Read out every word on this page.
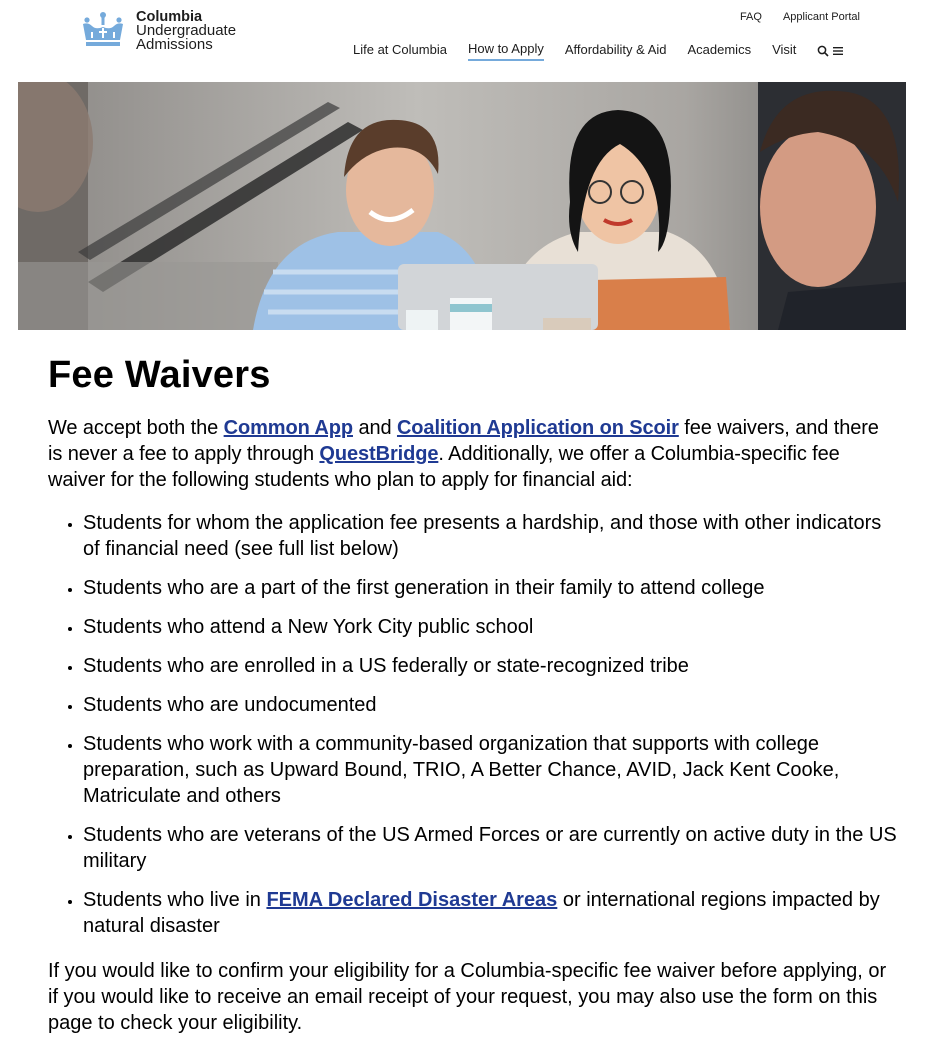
Columbia
Undergraduate
Admissions
FAQ Applicant Portal
Life at Columbia How to Apply Affordability & Aid Academics Visit
Fee Waivers

We accept both the Common App and Coalition Application on Scoir fee waivers, and there is never a fee to apply through QuestBridge. Additionally, we offer a Columbia-specific fee waiver for the following students who plan to apply for financial aid:

• Students for whom the application fee presents a hardship, and those with other indicators of financial need (see full list below)
• Students who are a part of the first generation in their family to attend college
• Students who attend a New York City public school
• Students who are enrolled in a US federally or state-recognized tribe
• Students who are undocumented
• Students who work with a community-based organization that supports with college preparation, such as Upward Bound, TRIO, A Better Chance, AVID, Jack Kent Cooke, Matriculate and others
• Students who are veterans of the US Armed Forces or are currently on active duty in the US military
• Students who live in FEMA Declared Disaster Areas or international regions impacted by natural disaster

If you would like to confirm your eligibility for a Columbia-specific fee waiver before applying, or if you would like to receive an email receipt of your request, you may also use the form on this page to check your eligibility.
